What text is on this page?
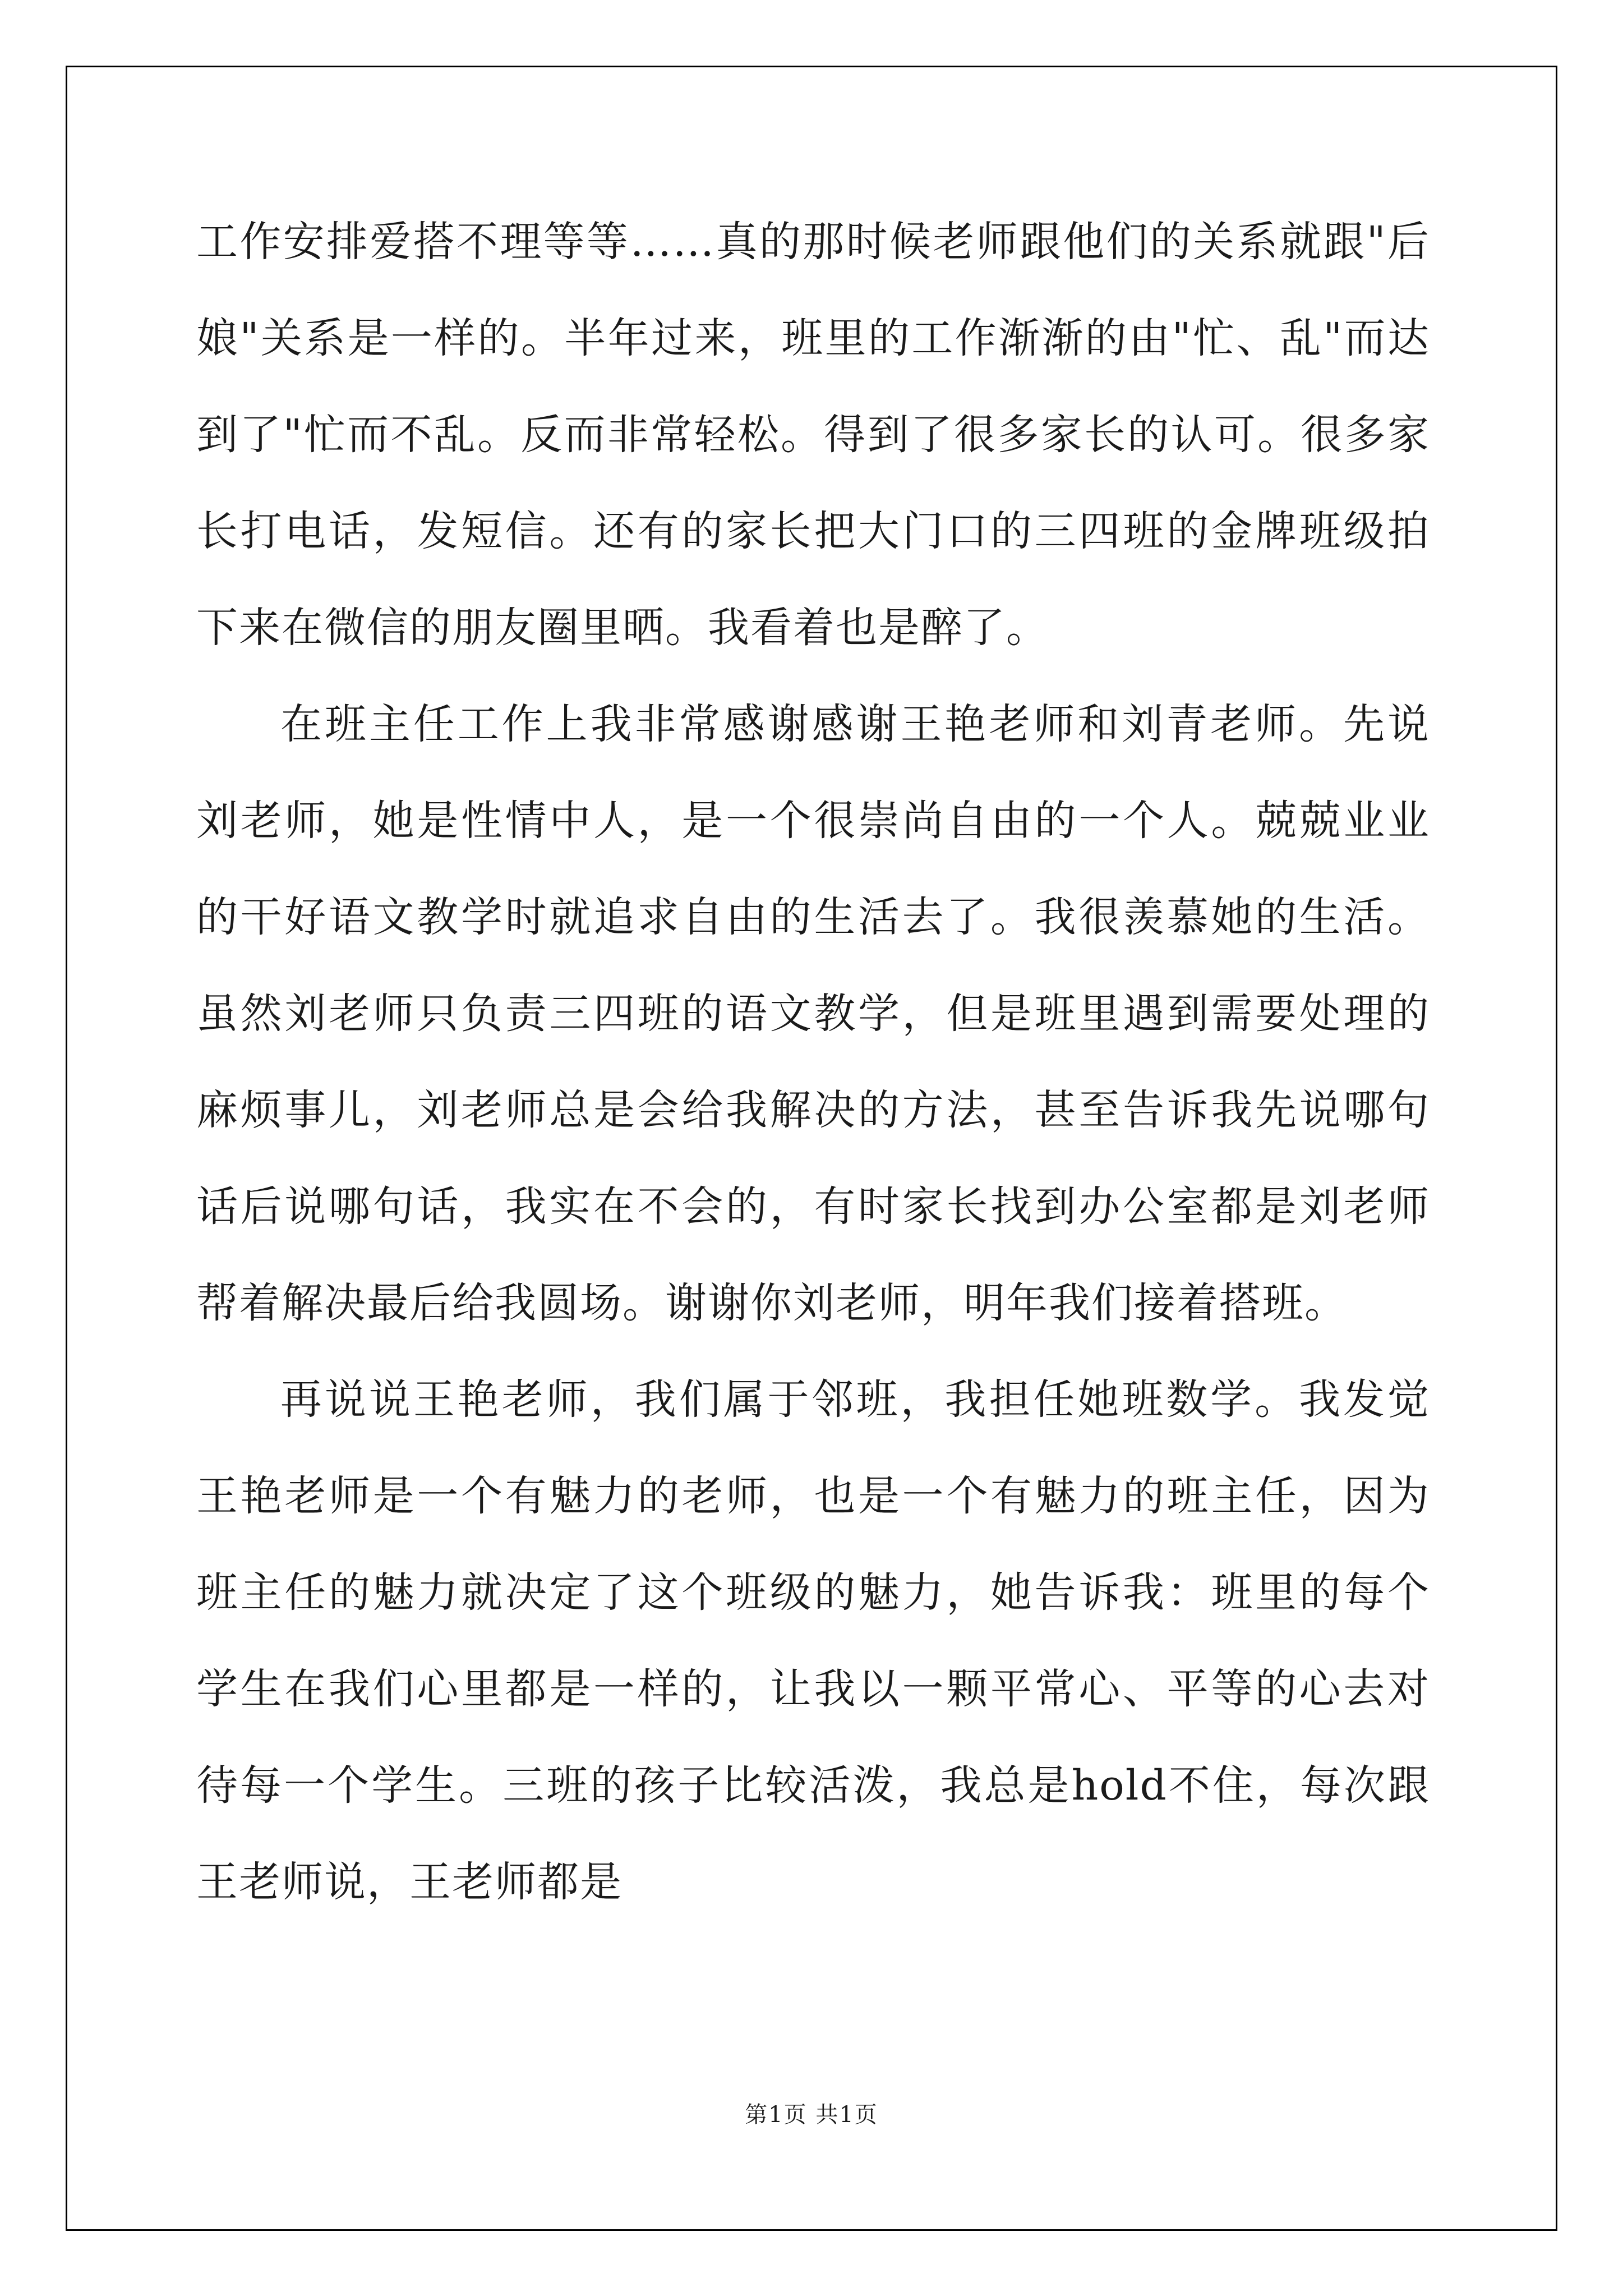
工作安排爱搭不理等等……真的那时候老师跟他们的关系就跟"后娘"关系是一样的。半年过来，班里的工作渐渐的由"忙、乱"而达到了"忙而不乱。反而非常轻松。得到了很多家长的认可。很多家长打电话，发短信。还有的家长把大门口的三四班的金牌班级拍下来在微信的朋友圈里晒。我看着也是醉了。

在班主任工作上我非常感谢感谢王艳老师和刘青老师。先说刘老师，她是性情中人，是一个很崇尚自由的一个人。兢兢业业的干好语文教学时就追求自由的生活去了。我很羡慕她的生活。虽然刘老师只负责三四班的语文教学，但是班里遇到需要处理的麻烦事儿，刘老师总是会给我解决的方法，甚至告诉我先说哪句话后说哪句话，我实在不会的，有时家长找到办公室都是刘老师帮着解决最后给我圆场。谢谢你刘老师，明年我们接着搭班。

再说说王艳老师，我们属于邻班，我担任她班数学。我发觉王艳老师是一个有魅力的老师，也是一个有魅力的班主任，因为班主任的魅力就决定了这个班级的魅力，她告诉我：班里的每个学生在我们心里都是一样的，让我以一颗平常心、平等的心去对待每一个学生。三班的孩子比较活泼，我总是hold不住，每次跟王老师说，王老师都是

第1页 共1页
